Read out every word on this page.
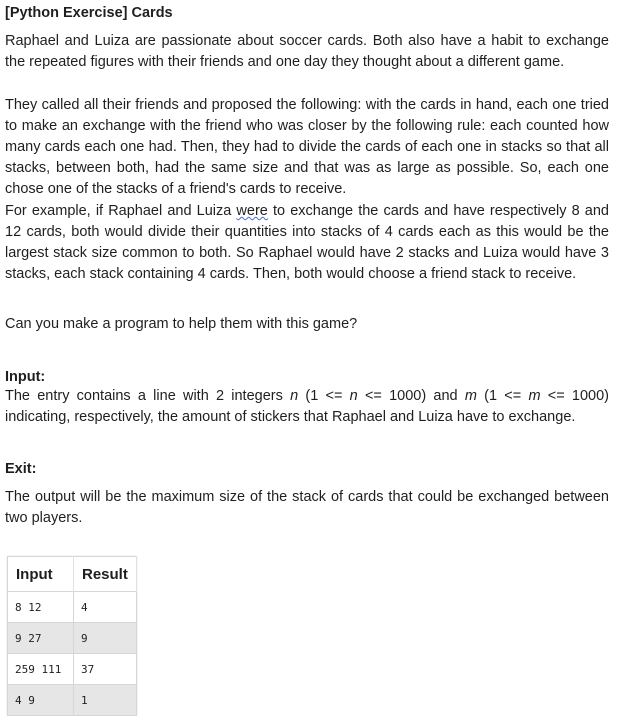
[Python Exercise] Cards

Raphael and Luiza are passionate about soccer cards. Both also have a habit to exchange the repeated figures with their friends and one day they thought about a different game.

They called all their friends and proposed the following: with the cards in hand, each one tried to make an exchange with the friend who was closer by the following rule: each counted how many cards each one had. Then, they had to divide the cards of each one in stacks so that all stacks, between both, had the same size and that was as large as possible. So, each one chose one of the stacks of a friend's cards to receive.

For example, if Raphael and Luiza were to exchange the cards and have respectively 8 and 12 cards, both would divide their quantities into stacks of 4 cards each as this would be the largest stack size common to both. So Raphael would have 2 stacks and Luiza would have 3 stacks, each stack containing 4 cards. Then, both would choose a friend stack to receive.

Can you make a program to help them with this game?

Input:

The entry contains a line with 2 integers n (1 <= n <= 1000) and m (1 <= m <= 1000) indicating, respectively, the amount of stickers that Raphael and Luiza have to exchange.

Exit:

The output will be the maximum size of the stack of cards that could be exchanged between two players.

Input	Result
8 12	4
9 27	9
259 111	37
4 9	1
